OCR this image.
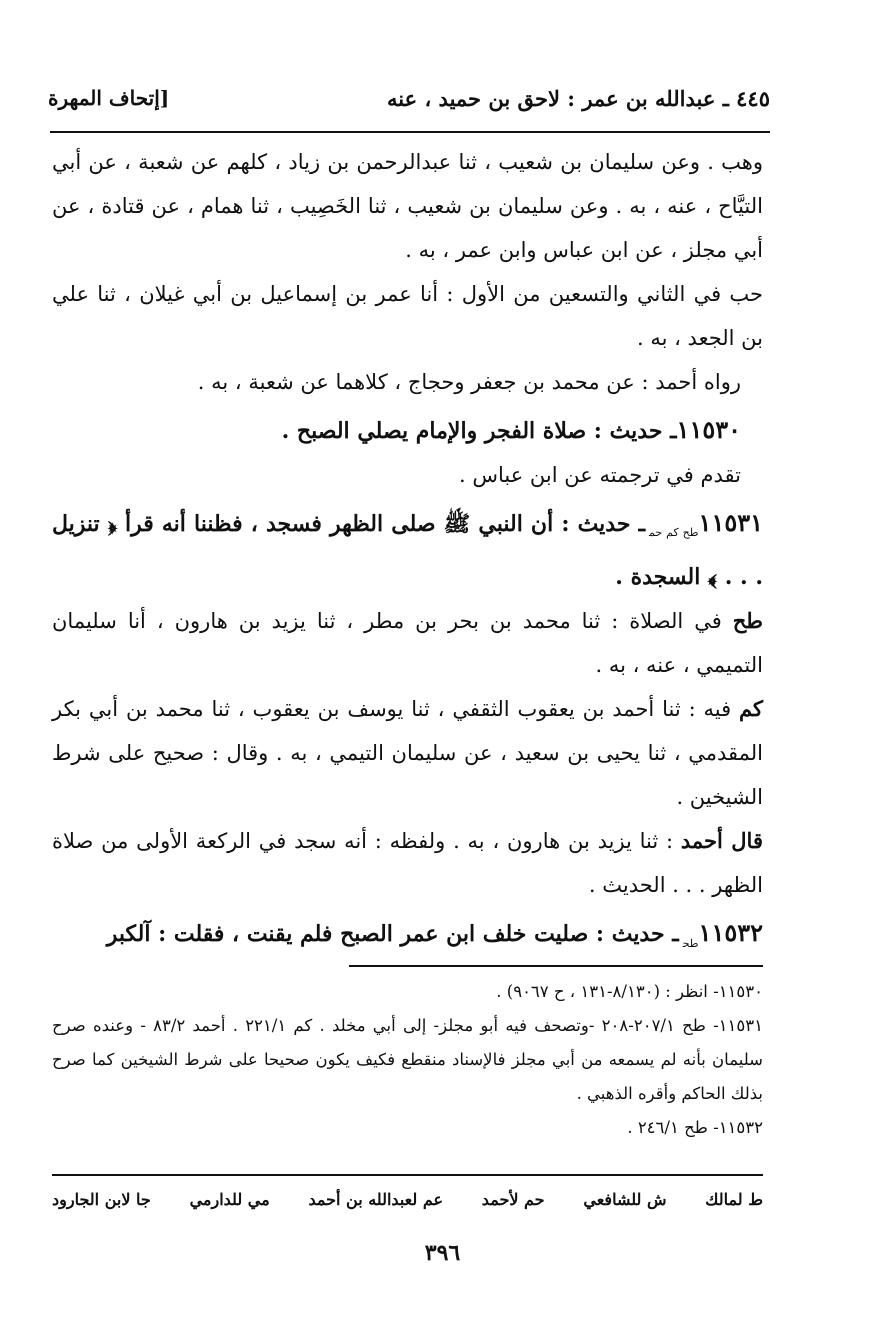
٤٤٥ ـ عبدالله بن عمر : لاحق بن حميد ، عنه
[إتحاف المهرة

وهب . وعن سليمان بن شعيب ، ثنا عبدالرحمن بن زياد ، كلهم عن شعبة ، عن أبي التيَّاح ، عنه ، به . وعن سليمان بن شعيب ، ثنا الخَصِيب ، ثنا همام ، عن قتادة ، عن أبي مجلز ، عن ابن عباس وابن عمر ، به .

حب في الثاني والتسعين من الأول : أنا عمر بن إسماعيل بن أبي غيلان ، ثنا علي بن الجعد ، به .

رواه أحمد : عن محمد بن جعفر وحجاج ، كلاهما عن شعبة ، به .

١١٥٣٠ـ حديث : صلاة الفجر والإمام يصلي الصبح .

تقدم في ترجمته عن ابن عباس .

$١١٥٣١_{طح كم حم}ـ$ حديث : أن النبي ﷺ صلى الظهر فسجد ، فظننا أنه قرأ ﴿ تنزيل . . . ﴾ السجدة .

طح في الصلاة : ثنا محمد بن بحر بن مطر ، ثنا يزيد بن هارون ، أنا سليمان التميمي ، عنه ، به .

كم فيه : ثنا أحمد بن يعقوب الثقفي ، ثنا يوسف بن يعقوب ، ثنا محمد بن أبي بكر المقدمي ، ثنا يحيى بن سعيد ، عن سليمان التيمي ، به . وقال : صحيح على شرط الشيخين .

قال أحمد : ثنا يزيد بن هارون ، به . ولفظه : أنه سجد في الركعة الأولى من صلاة الظهر . . . الحديث .

$١١٥٣٢_{طح}ـ$ حديث : صليت خلف ابن عمر الصبح فلم يقنت ، فقلت : آلكبر

١١٥٣٠- انظر : (٨/١٣٠-١٣١ ، ح ٩٠٦٧) .

١١٥٣١- طح ٢٠٧/١-٢٠٨ -وتصحف فيه أبو مجلز- إلى أبي مخلد . كم ٢٢١/١ . أحمد ٨٣/٢ - وعنده صرح سليمان بأنه لم يسمعه من أبي مجلز فالإسناد منقطع فكيف يكون صحيحا على شرط الشيخين كما صرح بذلك الحاكم وأقره الذهبي .

١١٥٣٢- طح ٢٤٦/١ .

ط لمالك
ش للشافعي
حم لأحمد
عم لعبدالله بن أحمد
مي للدارمي
جا لابن الجارود
٣٩٦
